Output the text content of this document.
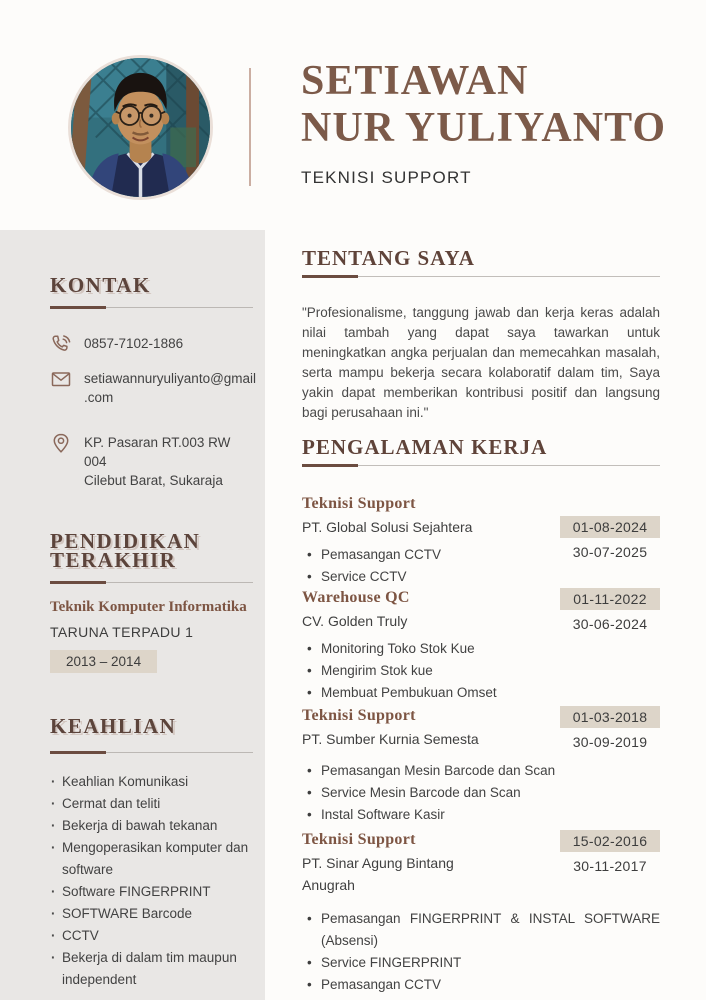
SETIAWAN
NUR YULIYANTO
TEKNISI SUPPORT
KONTAK
0857-7102-1886
setiawannuryuliyanto@gmail
.com
KP. Pasaran RT.003 RW 004
Cilebut Barat, Sukaraja
PENDIDIKAN
TERAKHIR
Teknik Komputer Informatika
TARUNA TERPADU 1
2013 – 2014
KEAHLIAN
· Keahlian Komunikasi
· Cermat dan teliti
· Bekerja di bawah tekanan
· Mengoperasikan komputer dan software
· Software FINGERPRINT
· SOFTWARE Barcode
· CCTV
· Bekerja di dalam tim maupun independent
TENTANG SAYA

"Profesionalisme, tanggung jawab dan kerja keras adalah nilai tambah yang dapat saya tawarkan untuk meningkatkan angka perjualan dan memecahkan masalah, serta mampu bekerja secara kolaboratif dalam tim, Saya yakin dapat memberikan kontribusi positif dan langsung bagi perusahaan ini."

PENGALAMAN KERJA
Teknisi Support
PT. Global Solusi Sejahtera
• Pemasangan CCTV
• Service CCTV
01-08-2024
30-07-2025
Warehouse QC
CV. Golden Truly
• Monitoring Toko Stok Kue
• Mengirim Stok kue
• Membuat Pembukuan Omset
01-11-2022
30-06-2024
Teknisi Support
PT. Sumber Kurnia Semesta
• Pemasangan Mesin Barcode dan Scan
• Service Mesin Barcode dan Scan
• Instal Software Kasir
01-03-2018
30-09-2019
Teknisi Support
PT. Sinar Agung Bintang Anugrah
15-02-2016
30-11-2017
• Pemasangan FINGERPRINT & INSTAL SOFTWARE (Absensi)
• Service FINGERPRINT
• Pemasangan CCTV
